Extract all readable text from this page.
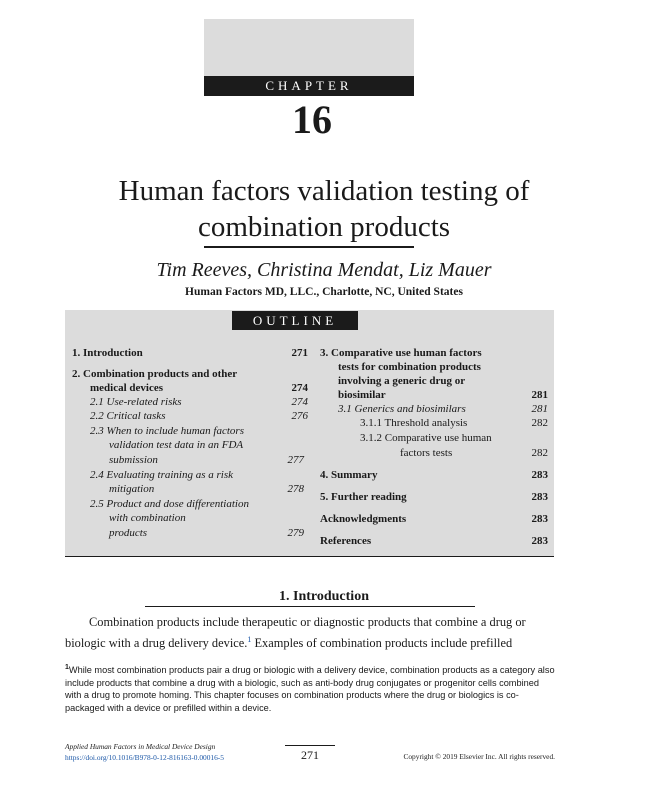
CHAPTER
16
Human factors validation testing of
combination products
Tim Reeves, Christina Mendat, Liz Mauer
Human Factors MD, LLC., Charlotte, NC, United States
OUTLINE
1. Introduction	271
2. Combination products and other
medical devices	274
2.1 Use-related risks	274
2.2 Critical tasks	276
2.3 When to include human factors
validation test data in an FDA
submission	277
2.4 Evaluating training as a risk
mitigation	278
2.5 Product and dose differentiation
with combination
products	279
3. Comparative use human factors
tests for combination products
involving a generic drug or
biosimilar	281
3.1 Generics and biosimilars	281
3.1.1 Threshold analysis	282
3.1.2 Comparative use human
factors tests	282
4. Summary	283
5. Further reading	283
Acknowledgments	283
References	283
1. Introduction
Combination products include therapeutic or diagnostic products that combine a drug or
biologic with a drug delivery device.$^1$ Examples of combination products include prefilled
$^1$While most combination products pair a drug or biologic with a delivery device, combination products as a category also include products that combine a drug with a biologic, such as anti-body drug conjugates or progenitor cells combined with a drug to promote homing. This chapter focuses on combination products where the drug or biologics is co-packaged with a device or prefilled within a device.
Applied Human Factors in Medical Device Design
https://doi.org/10.1016/B978-0-12-816163-0.00016-5	271	Copyright © 2019 Elsevier Inc. All rights reserved.
